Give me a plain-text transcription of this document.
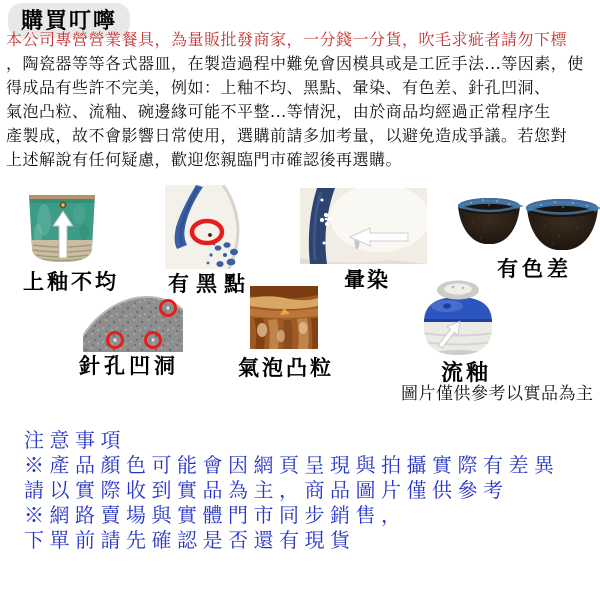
購買叮嚀
本公司專營營業餐具，為量販批發商家，一分錢一分貨，吹毛求疵者請勿下標
，陶瓷器等等各式器皿，在製造過程中難免會因模具或是工匠手法...等因素，使
得成品有些許不完美，例如：上釉不均、黑點、暈染、有色差、針孔凹洞、
氣泡凸粒、流釉、碗邊緣可能不平整...等情況，由於商品均經過正常程序生
產製成，故不會影響日常使用，選購前請多加考量，以避免造成爭議。若您對
上述解說有任何疑慮，歡迎您親臨門市確認後再選購。
上釉不均 有黑點	暈染	有色差
針孔凹洞	氣泡凸粒	流釉
圖片僅供參考以實品為主
注意事項
※產品顏色可能會因網頁呈現與拍攝實際有差異
請以實際收到實品為主，商品圖片僅供參考
※網路賣場與實體門市同步銷售，
下單前請先確認是否還有現貨
